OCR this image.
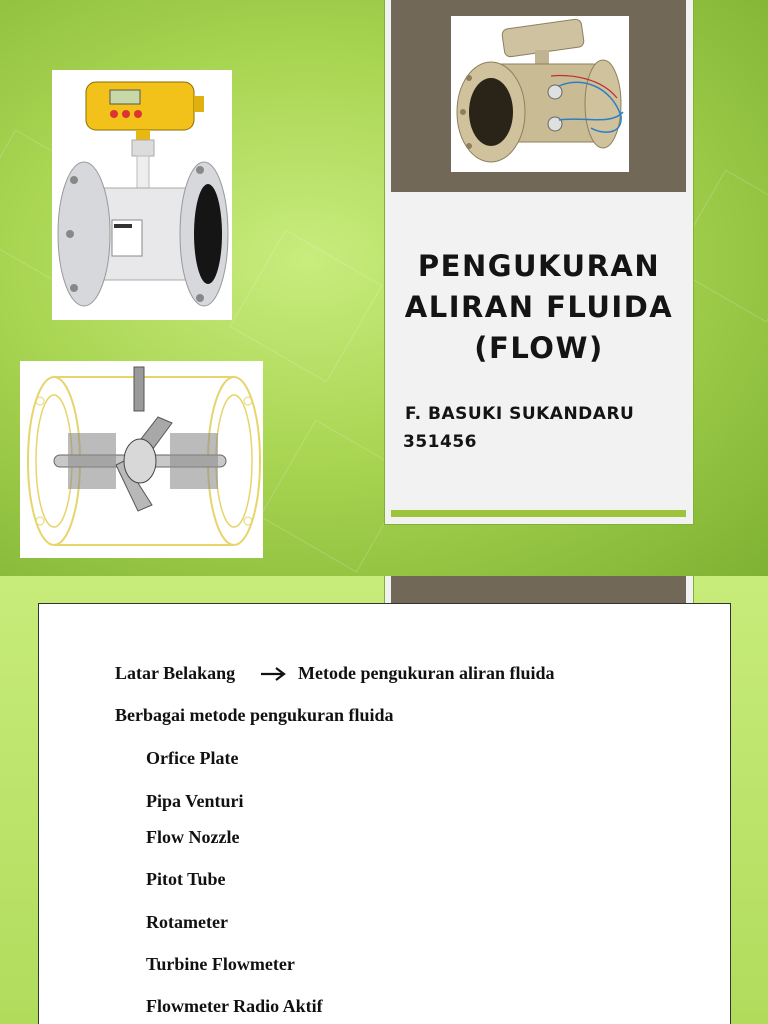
PENGUKURAN ALIRAN FLUIDA (FLOW)
F. BASUKI SUKANDARU
351456
Latar Belakang	Metode pengukuran aliran fluida
Berbagai metode pengukuran fluida
Orfice Plate
Pipa Venturi
Flow Nozzle
Pitot Tube
Rotameter
Turbine Flowmeter
Flowmeter Radio Aktif
